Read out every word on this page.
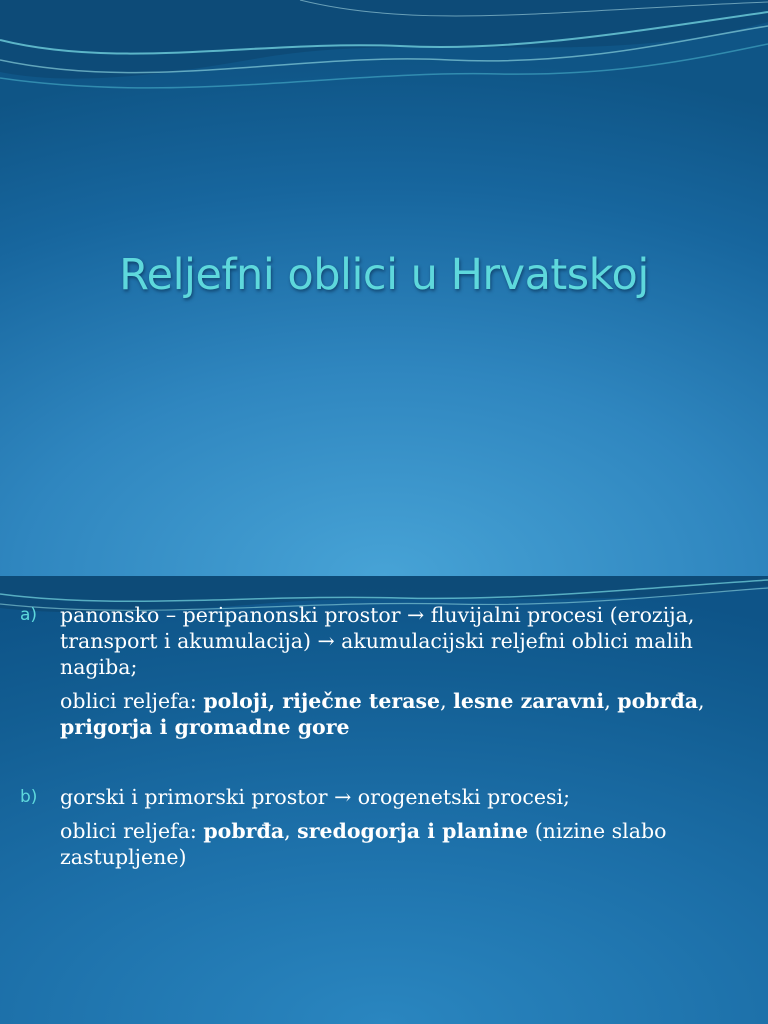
Reljefni oblici u Hrvatskoj
a)	panonsko – peripanonski prostor → fluvijalni procesi (erozija, transport i akumulacija) → akumulacijski reljefni oblici malih nagiba;
oblici reljefa: poloji, riječne terase, lesne zaravni, pobrđa, prigorja i gromadne gore
b)	gorski i primorski prostor → orogenetski procesi;
oblici reljefa: pobrđa, sredogorja i planine (nizine slabo zastupljene)
